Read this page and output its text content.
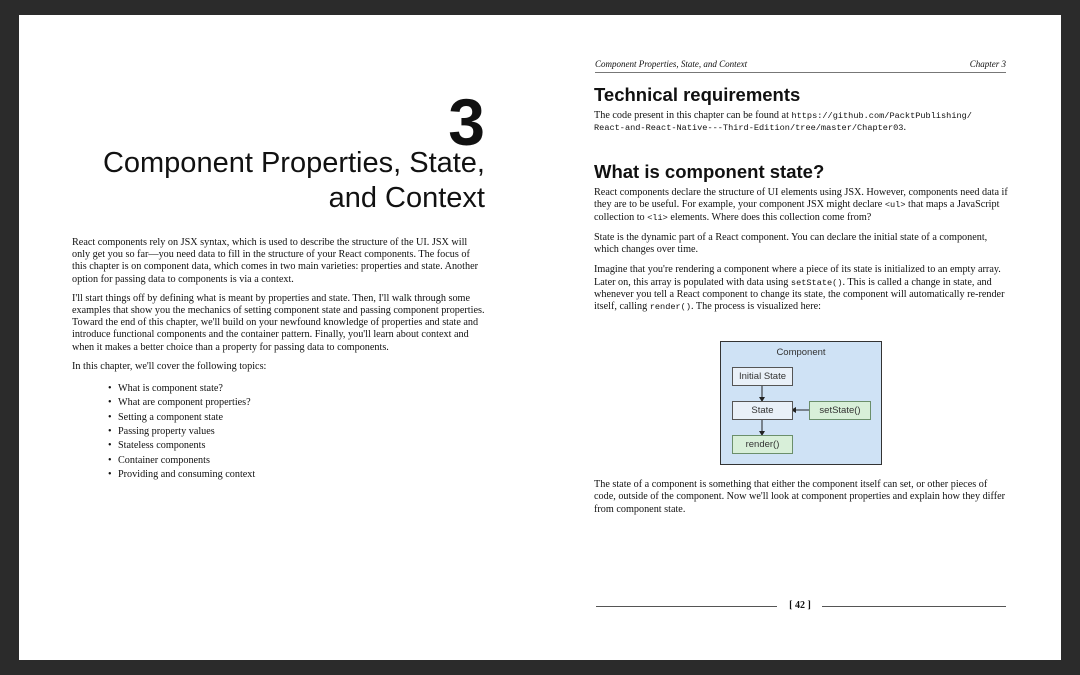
3
Component Properties, State,
and Context

React components rely on JSX syntax, which is used to describe the structure of the UI. JSX will only get you so far—you need data to fill in the structure of your React components. The focus of this chapter is on component data, which comes in two main varieties: properties and state. Another option for passing data to components is via a context.

I'll start things off by defining what is meant by properties and state. Then, I'll walk through some examples that show you the mechanics of setting component state and passing component properties. Toward the end of this chapter, we'll build on your newfound knowledge of properties and state and introduce functional components and the container pattern. Finally, you'll learn about context and when it makes a better choice than a property for passing data to components.

In this chapter, we'll cover the following topics:

• What is component state?
• What are component properties?
• Setting a component state
• Passing property values
• Stateless components
• Container components
• Providing and consuming context
Component Properties, State, and Context	Chapter 3
Technical requirements

The code present in this chapter can be found at https://github.com/PacktPublishing/
React-and-React-Native---Third-Edition/tree/master/Chapter03.

What is component state?

React components declare the structure of UI elements using JSX. However, components need data if they are to be useful. For example, your component JSX might declare <ul> that maps a JavaScript collection to <li> elements. Where does this collection come from?

State is the dynamic part of a React component. You can declare the initial state of a component, which changes over time.

Imagine that you're rendering a component where a piece of its state is initialized to an empty array. Later on, this array is populated with data using setState(). This is called a change in state, and whenever you tell a React component to change its state, the component will automatically re-render itself, calling render(). The process is visualized here:

Component
Initial State
State	setState()
render()

The state of a component is something that either the component itself can set, or other pieces of code, outside of the component. Now we'll look at component properties and explain how they differ from component state.

[ 42 ]
